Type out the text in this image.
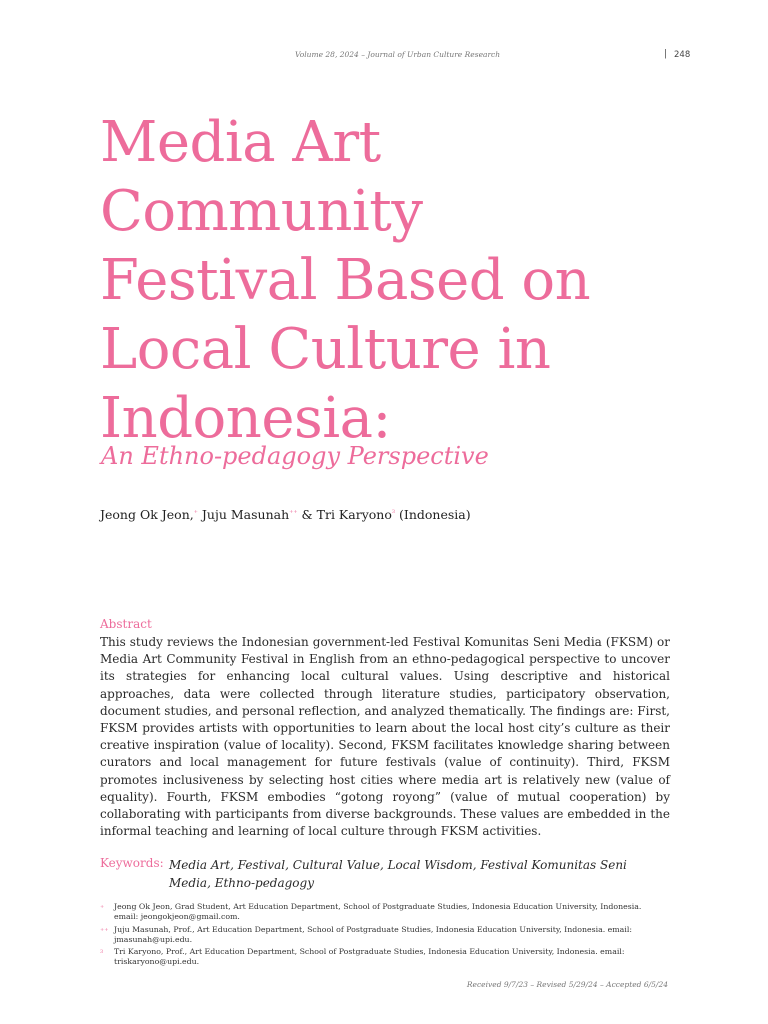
Volume 28, 2024 – Journal of Urban Culture Research	| 248
Media Art
Community
Festival Based on
Local Culture in
Indonesia:
An Ethno-pedagogy Perspective
Jeong Ok Jeon,+ Juju Masunah++ & Tri Karyono$^3$ (Indonesia)
Abstract

This study reviews the Indonesian government-led Festival Komunitas Seni Media (FKSM) or Media Art Community Festival in English from an ethno-pedagogical perspective to uncover its strategies for enhancing local cultural values. Using descriptive and historical approaches, data were collected through literature studies, participatory observation, document studies, and personal reflection, and analyzed thematically. The findings are: First, FKSM provides artists with opportunities to learn about the local host city’s culture as their creative inspiration (value of locality). Second, FKSM facilitates knowledge sharing between curators and local management for future festivals (value of continuity). Third, FKSM promotes inclusiveness by selecting host cities where media art is relatively new (value of equality). Fourth, FKSM embodies “gotong royong” (value of mutual cooperation) by collaborating with participants from diverse backgrounds. These values are embedded in the informal teaching and learning of local culture through FKSM activities.

Keywords: Media Art, Festival, Cultural Value, Local Wisdom, Festival Komunitas Seni Media, Ethno-pedagogy

+ Jeong Ok Jeon, Grad Student, Art Education Department, School of Postgraduate Studies, Indonesia Education University, Indonesia. email: jeongokjeon@gmail.com.
++ Juju Masunah, Prof., Art Education Department, School of Postgraduate Studies, Indonesia Education University, Indonesia. email: jmasunah@upi.edu.
3 Tri Karyono, Prof., Art Education Department, School of Postgraduate Studies, Indonesia Education University, Indonesia. email: triskaryono@upi.edu.
Received 9/7/23 – Revised 5/29/24 – Accepted 6/5/24
